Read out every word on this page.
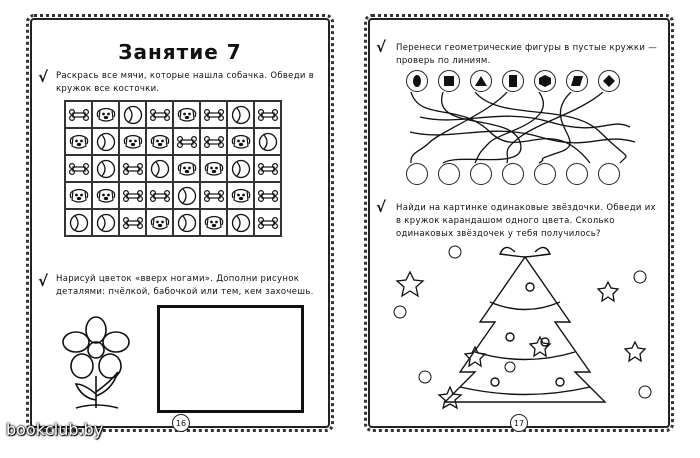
Занятие 7
√ Раскрась все мячи, которые нашла собачка. Обведи в кружок все косточки.
√ Нарисуй цветок «вверх ногами». Дополни рисунок деталями: пчёлкой, бабочкой или тем, кем захочешь.
16
√ Перенеси геометрические фигуры в пустые кружки — проверь по линиям.
√ Найди на картинке одинаковые звёздочки. Обведи их в кружок карандашом одного цвета. Сколько одинаковых звёздочек у тебя получилось?
17
bookclub.by
